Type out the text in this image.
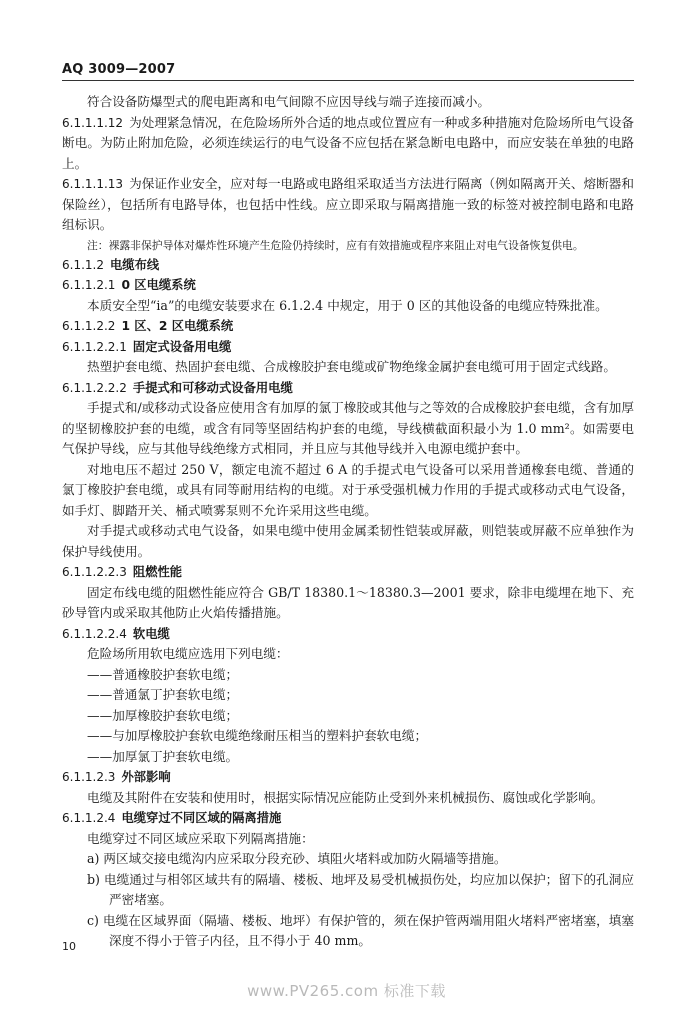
AQ 3009—2007

符合设备防爆型式的爬电距离和电气间隙不应因导线与端子连接而减小。

6.1.1.1.12 为处理紧急情况，在危险场所外合适的地点或位置应有一种或多种措施对危险场所电气设备断电。为防止附加危险，必须连续运行的电气设备不应包括在紧急断电电路中，而应安装在单独的电路上。

6.1.1.1.13 为保证作业安全，应对每一电路或电路组采取适当方法进行隔离（例如隔离开关、熔断器和保险丝），包括所有电路导体，也包括中性线。应立即采取与隔离措施一致的标签对被控制电路和电路组标识。

注：裸露非保护导体对爆炸性环境产生危险仍持续时，应有有效措施或程序来阻止对电气设备恢复供电。

6.1.1.2 电缆布线

6.1.1.2.1 0 区电缆系统

本质安全型“ia”的电缆安装要求在 6.1.2.4 中规定，用于 0 区的其他设备的电缆应特殊批准。

6.1.1.2.2 1 区、2 区电缆系统

6.1.1.2.2.1 固定式设备用电缆

热塑护套电缆、热固护套电缆、合成橡胶护套电缆或矿物绝缘金属护套电缆可用于固定式线路。

6.1.1.2.2.2 手提式和可移动式设备用电缆

手提式和/或移动式设备应使用含有加厚的氯丁橡胶或其他与之等效的合成橡胶护套电缆，含有加厚的坚韧橡胶护套的电缆，或含有同等坚固结构护套的电缆，导线横截面积最小为 1.0 mm²。如需要电气保护导线，应与其他导线绝缘方式相同，并且应与其他导线并入电源电缆护套中。

对地电压不超过 250 V，额定电流不超过 6 A 的手提式电气设备可以采用普通橡套电缆、普通的氯丁橡胶护套电缆，或具有同等耐用结构的电缆。对于承受强机械力作用的手提式或移动式电气设备，如手灯、脚踏开关、桶式喷雾泵则不允许采用这些电缆。

对手提式或移动式电气设备，如果电缆中使用金属柔韧性铠装或屏蔽，则铠装或屏蔽不应单独作为保护导线使用。

6.1.1.2.2.3 阻燃性能

固定布线电缆的阻燃性能应符合 GB/T 18380.1～18380.3—2001 要求，除非电缆埋在地下、充砂导管内或采取其他防止火焰传播措施。

6.1.1.2.2.4 软电缆

危险场所用软电缆应选用下列电缆：

——普通橡胶护套软电缆；

——普通氯丁护套软电缆；

——加厚橡胶护套软电缆；

——与加厚橡胶护套软电缆绝缘耐压相当的塑料护套软电缆；

——加厚氯丁护套软电缆。

6.1.1.2.3 外部影响

电缆及其附件在安装和使用时，根据实际情况应能防止受到外来机械损伤、腐蚀或化学影响。

6.1.1.2.4 电缆穿过不同区域的隔离措施

电缆穿过不同区域应采取下列隔离措施：

a) 两区域交接电缆沟内应采取分段充砂、填阻火堵料或加防火隔墙等措施。

b) 电缆通过与相邻区域共有的隔墙、楼板、地坪及易受机械损伤处，均应加以保护；留下的孔洞应严密堵塞。

c) 电缆在区域界面（隔墙、楼板、地坪）有保护管的，须在保护管两端用阻火堵料严密堵塞，填塞深度不得小于管子内径，且不得小于 40 mm。

10
www.PV265.com 标准下载
